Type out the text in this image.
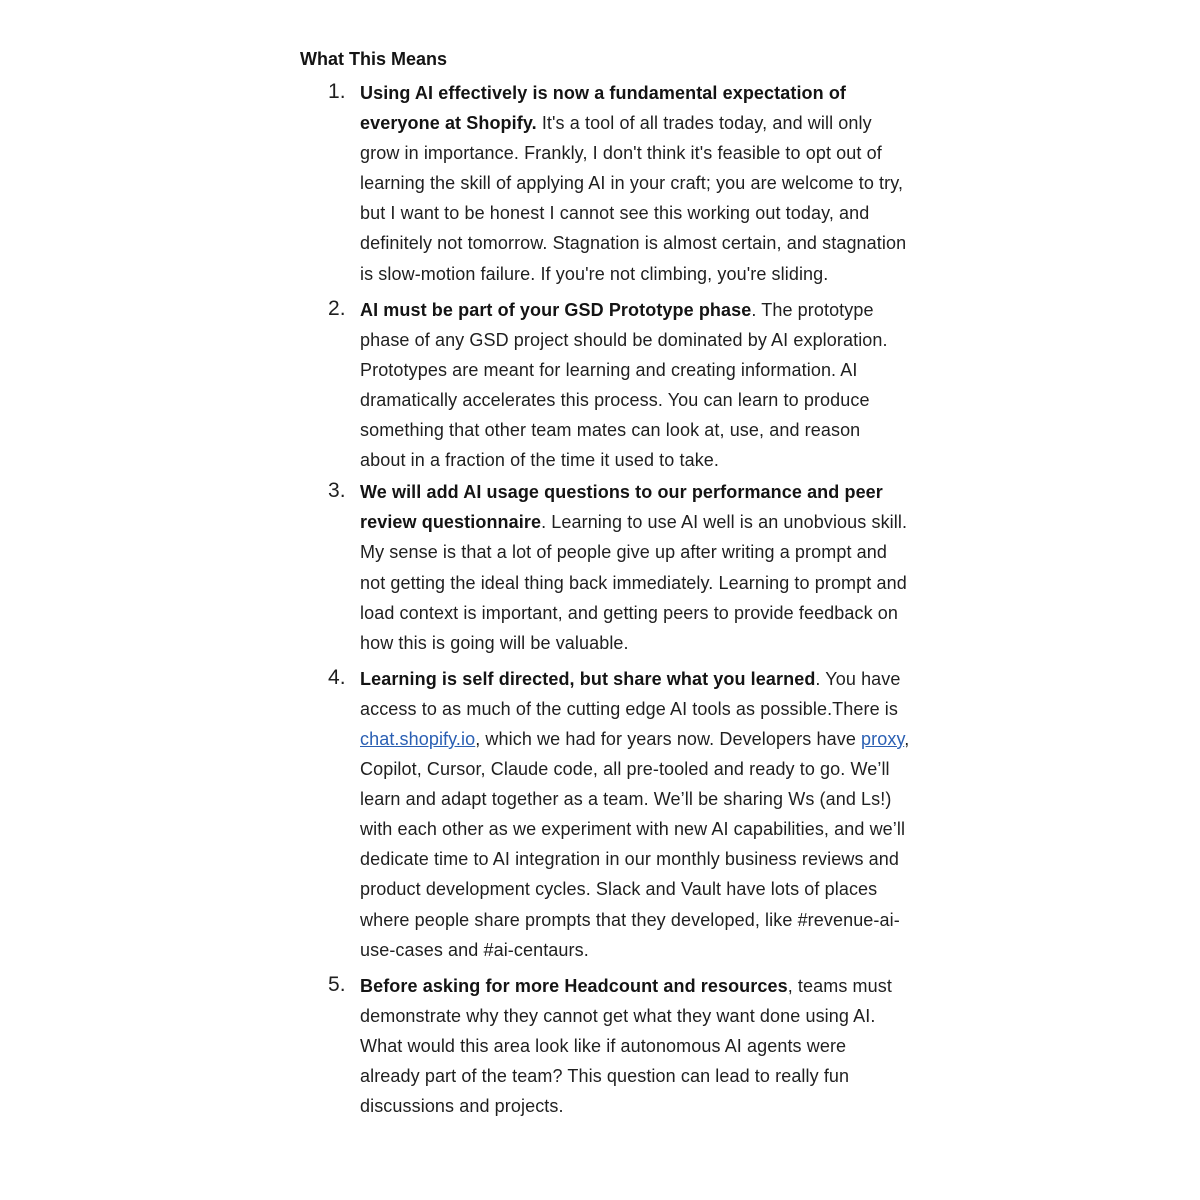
What This Means
1. Using AI effectively is now a fundamental expectation of everyone at Shopify. It's a tool of all trades today, and will only grow in importance. Frankly, I don't think it's feasible to opt out of learning the skill of applying AI in your craft; you are welcome to try, but I want to be honest I cannot see this working out today, and definitely not tomorrow. Stagnation is almost certain, and stagnation is slow-motion failure. If you're not climbing, you're sliding.
2. AI must be part of your GSD Prototype phase. The prototype phase of any GSD project should be dominated by AI exploration. Prototypes are meant for learning and creating information. AI dramatically accelerates this process. You can learn to produce something that other team mates can look at, use, and reason about in a fraction of the time it used to take.
3. We will add AI usage questions to our performance and peer review questionnaire. Learning to use AI well is an unobvious skill. My sense is that a lot of people give up after writing a prompt and not getting the ideal thing back immediately. Learning to prompt and load context is important, and getting peers to provide feedback on how this is going will be valuable.
4. Learning is self directed, but share what you learned. You have access to as much of the cutting edge AI tools as possible.There is chat.shopify.io, which we had for years now. Developers have proxy, Copilot, Cursor, Claude code, all pre-tooled and ready to go. We’ll learn and adapt together as a team. We’ll be sharing Ws (and Ls!) with each other as we experiment with new AI capabilities, and we’ll dedicate time to AI integration in our monthly business reviews and product development cycles. Slack and Vault have lots of places where people share prompts that they developed, like #revenue-ai-use-cases and #ai-centaurs.
5. Before asking for more Headcount and resources, teams must demonstrate why they cannot get what they want done using AI. What would this area look like if autonomous AI agents were already part of the team? This question can lead to really fun discussions and projects.
